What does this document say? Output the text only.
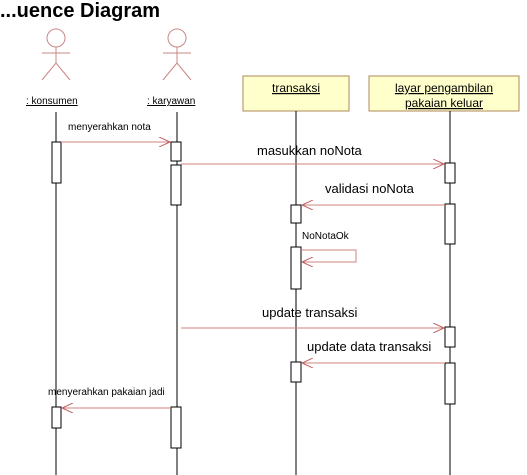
...uence Diagram
: konsumen	: karyawan
transaksi	layar pengambilan
pakaian keluar
menyerahkan nota
masukkan noNota
validasi noNota
NoNotaOk
update transaksi
update data transaksi
menyerahkan pakaian jadi
